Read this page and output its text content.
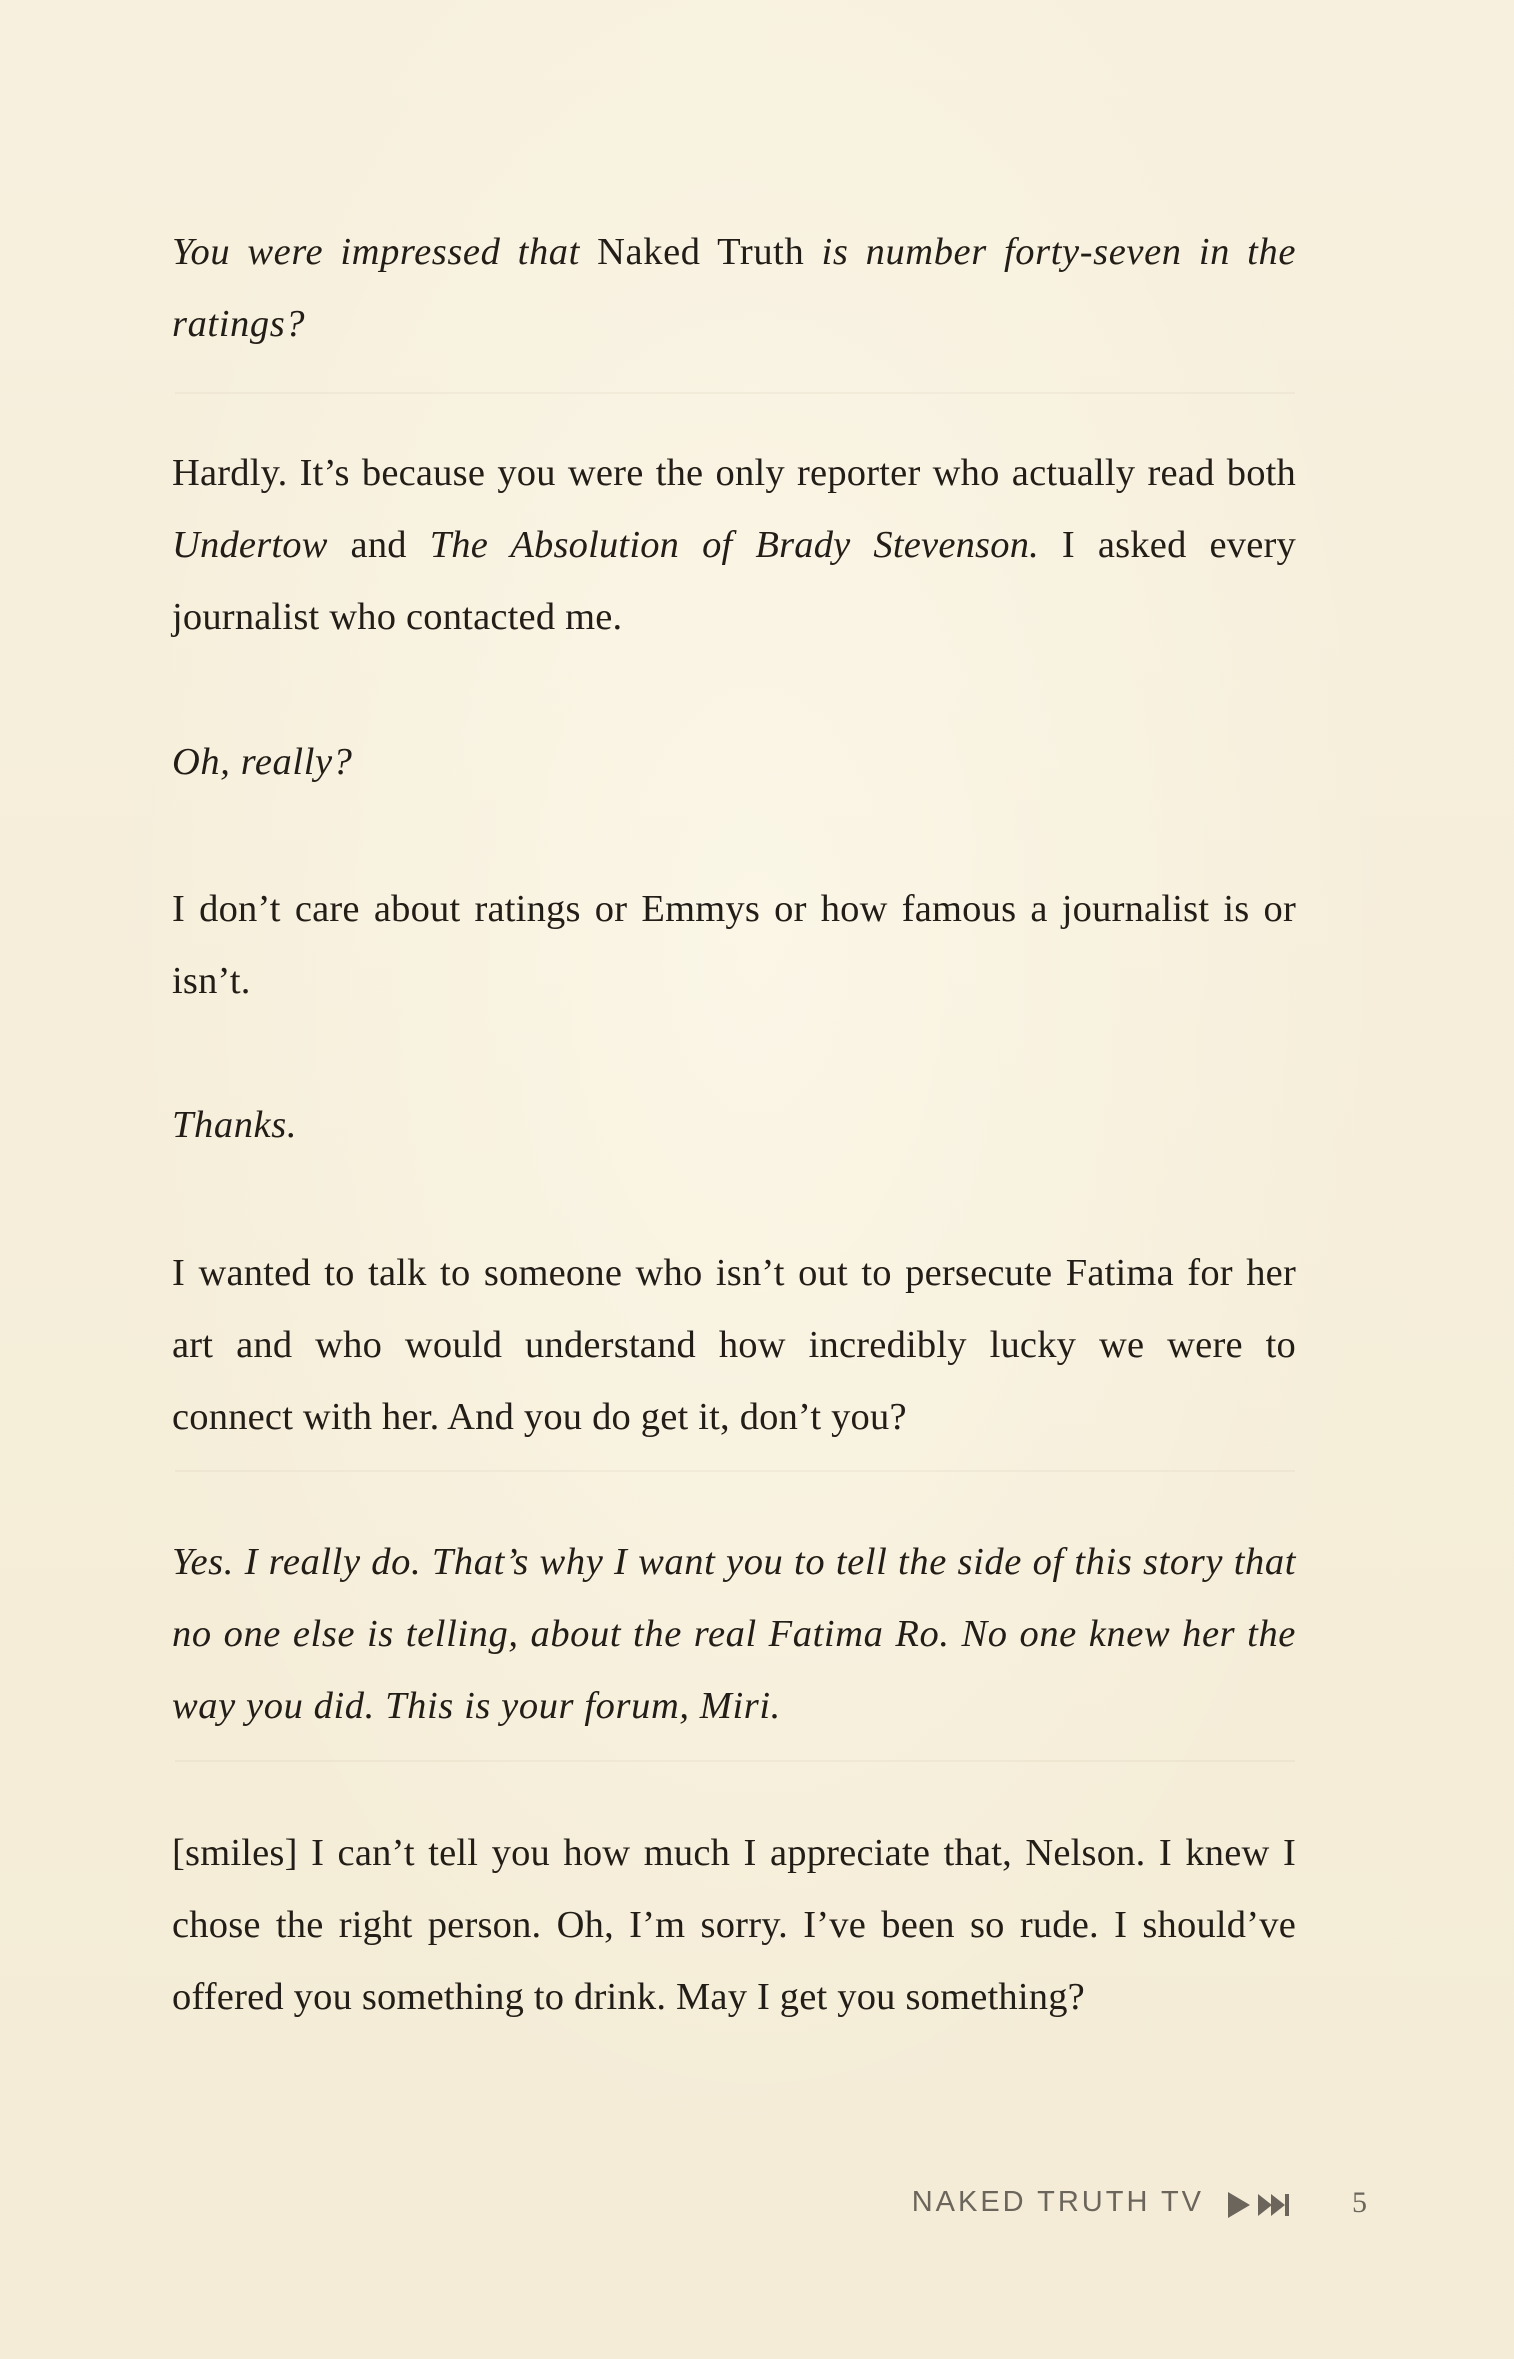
You were impressed that Naked Truth is number forty-seven in the ratings?

Hardly. It’s because you were the only reporter who actually read both Undertow and The Absolution of Brady Stevenson. I asked every journalist who contacted me.

Oh, really?

I don’t care about ratings or Emmys or how famous a journalist is or isn’t.

Thanks.

I wanted to talk to someone who isn’t out to persecute Fatima for her art and who would understand how incredibly lucky we were to connect with her. And you do get it, don’t you?

Yes. I really do. That’s why I want you to tell the side of this story that no one else is telling, about the real Fatima Ro. No one knew her the way you did. This is your forum, Miri.

[smiles] I can’t tell you how much I appreciate that, Nelson. I knew I chose the right person. Oh, I’m sorry. I’ve been so rude. I should’ve offered you something to drink. May I get you something?

NAKED TRUTH TV	5
